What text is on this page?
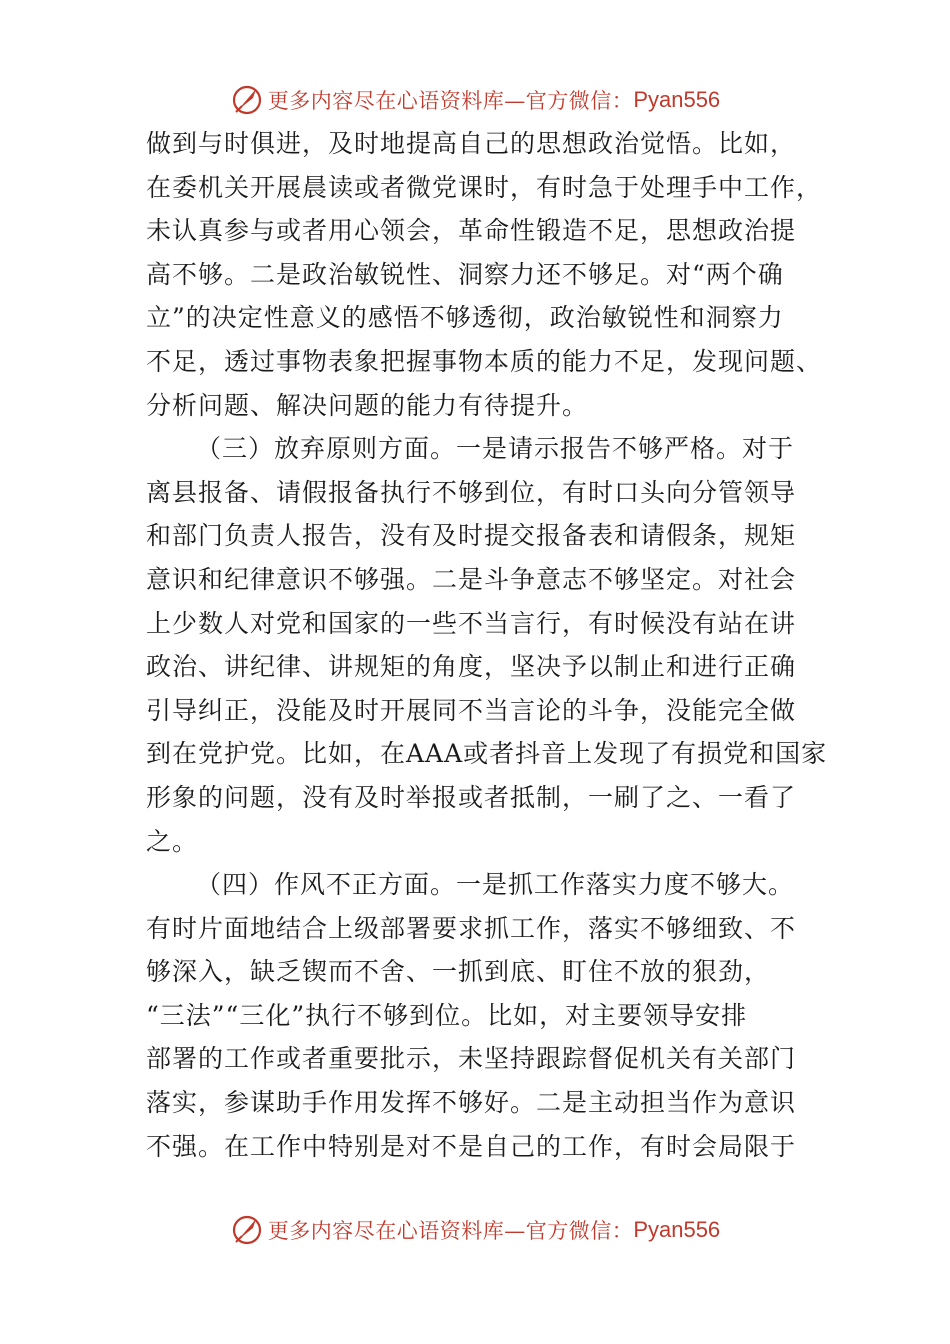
更多内容尽在心语资料库—官方微信： Pyan556
做到与时俱进，及时地提高自己的思想政治觉悟。比如，
在委机关开展晨读或者微党课时，有时急于处理手中工作，
未认真参与或者用心领会，革命性锻造不足，思想政治提
高不够。二是政治敏锐性、洞察力还不够足。对“两个确
立”的决定性意义的感悟不够透彻，政治敏锐性和洞察力
不足，透过事物表象把握事物本质的能力不足，发现问题、
分析问题、解决问题的能力有待提升。
（三）放弃原则方面。一是请示报告不够严格。对于
离县报备、请假报备执行不够到位，有时口头向分管领导
和部门负责人报告，没有及时提交报备表和请假条，规矩
意识和纪律意识不够强。二是斗争意志不够坚定。对社会
上少数人对党和国家的一些不当言行，有时候没有站在讲
政治、讲纪律、讲规矩的角度，坚决予以制止和进行正确
引导纠正，没能及时开展同不当言论的斗争，没能完全做
到在党护党。比如，在AAA或者抖音上发现了有损党和国家
形象的问题，没有及时举报或者抵制，一刷了之、一看了
之。
（四）作风不正方面。一是抓工作落实力度不够大。
有时片面地结合上级部署要求抓工作，落实不够细致、不
够深入，缺乏锲而不舍、一抓到底、盯住不放的狠劲，
“三法”“三化”执行不够到位。比如，对主要领导安排
部署的工作或者重要批示，未坚持跟踪督促机关有关部门
落实，参谋助手作用发挥不够好。二是主动担当作为意识
不强。在工作中特别是对不是自己的工作，有时会局限于
更多内容尽在心语资料库—官方微信： Pyan556
